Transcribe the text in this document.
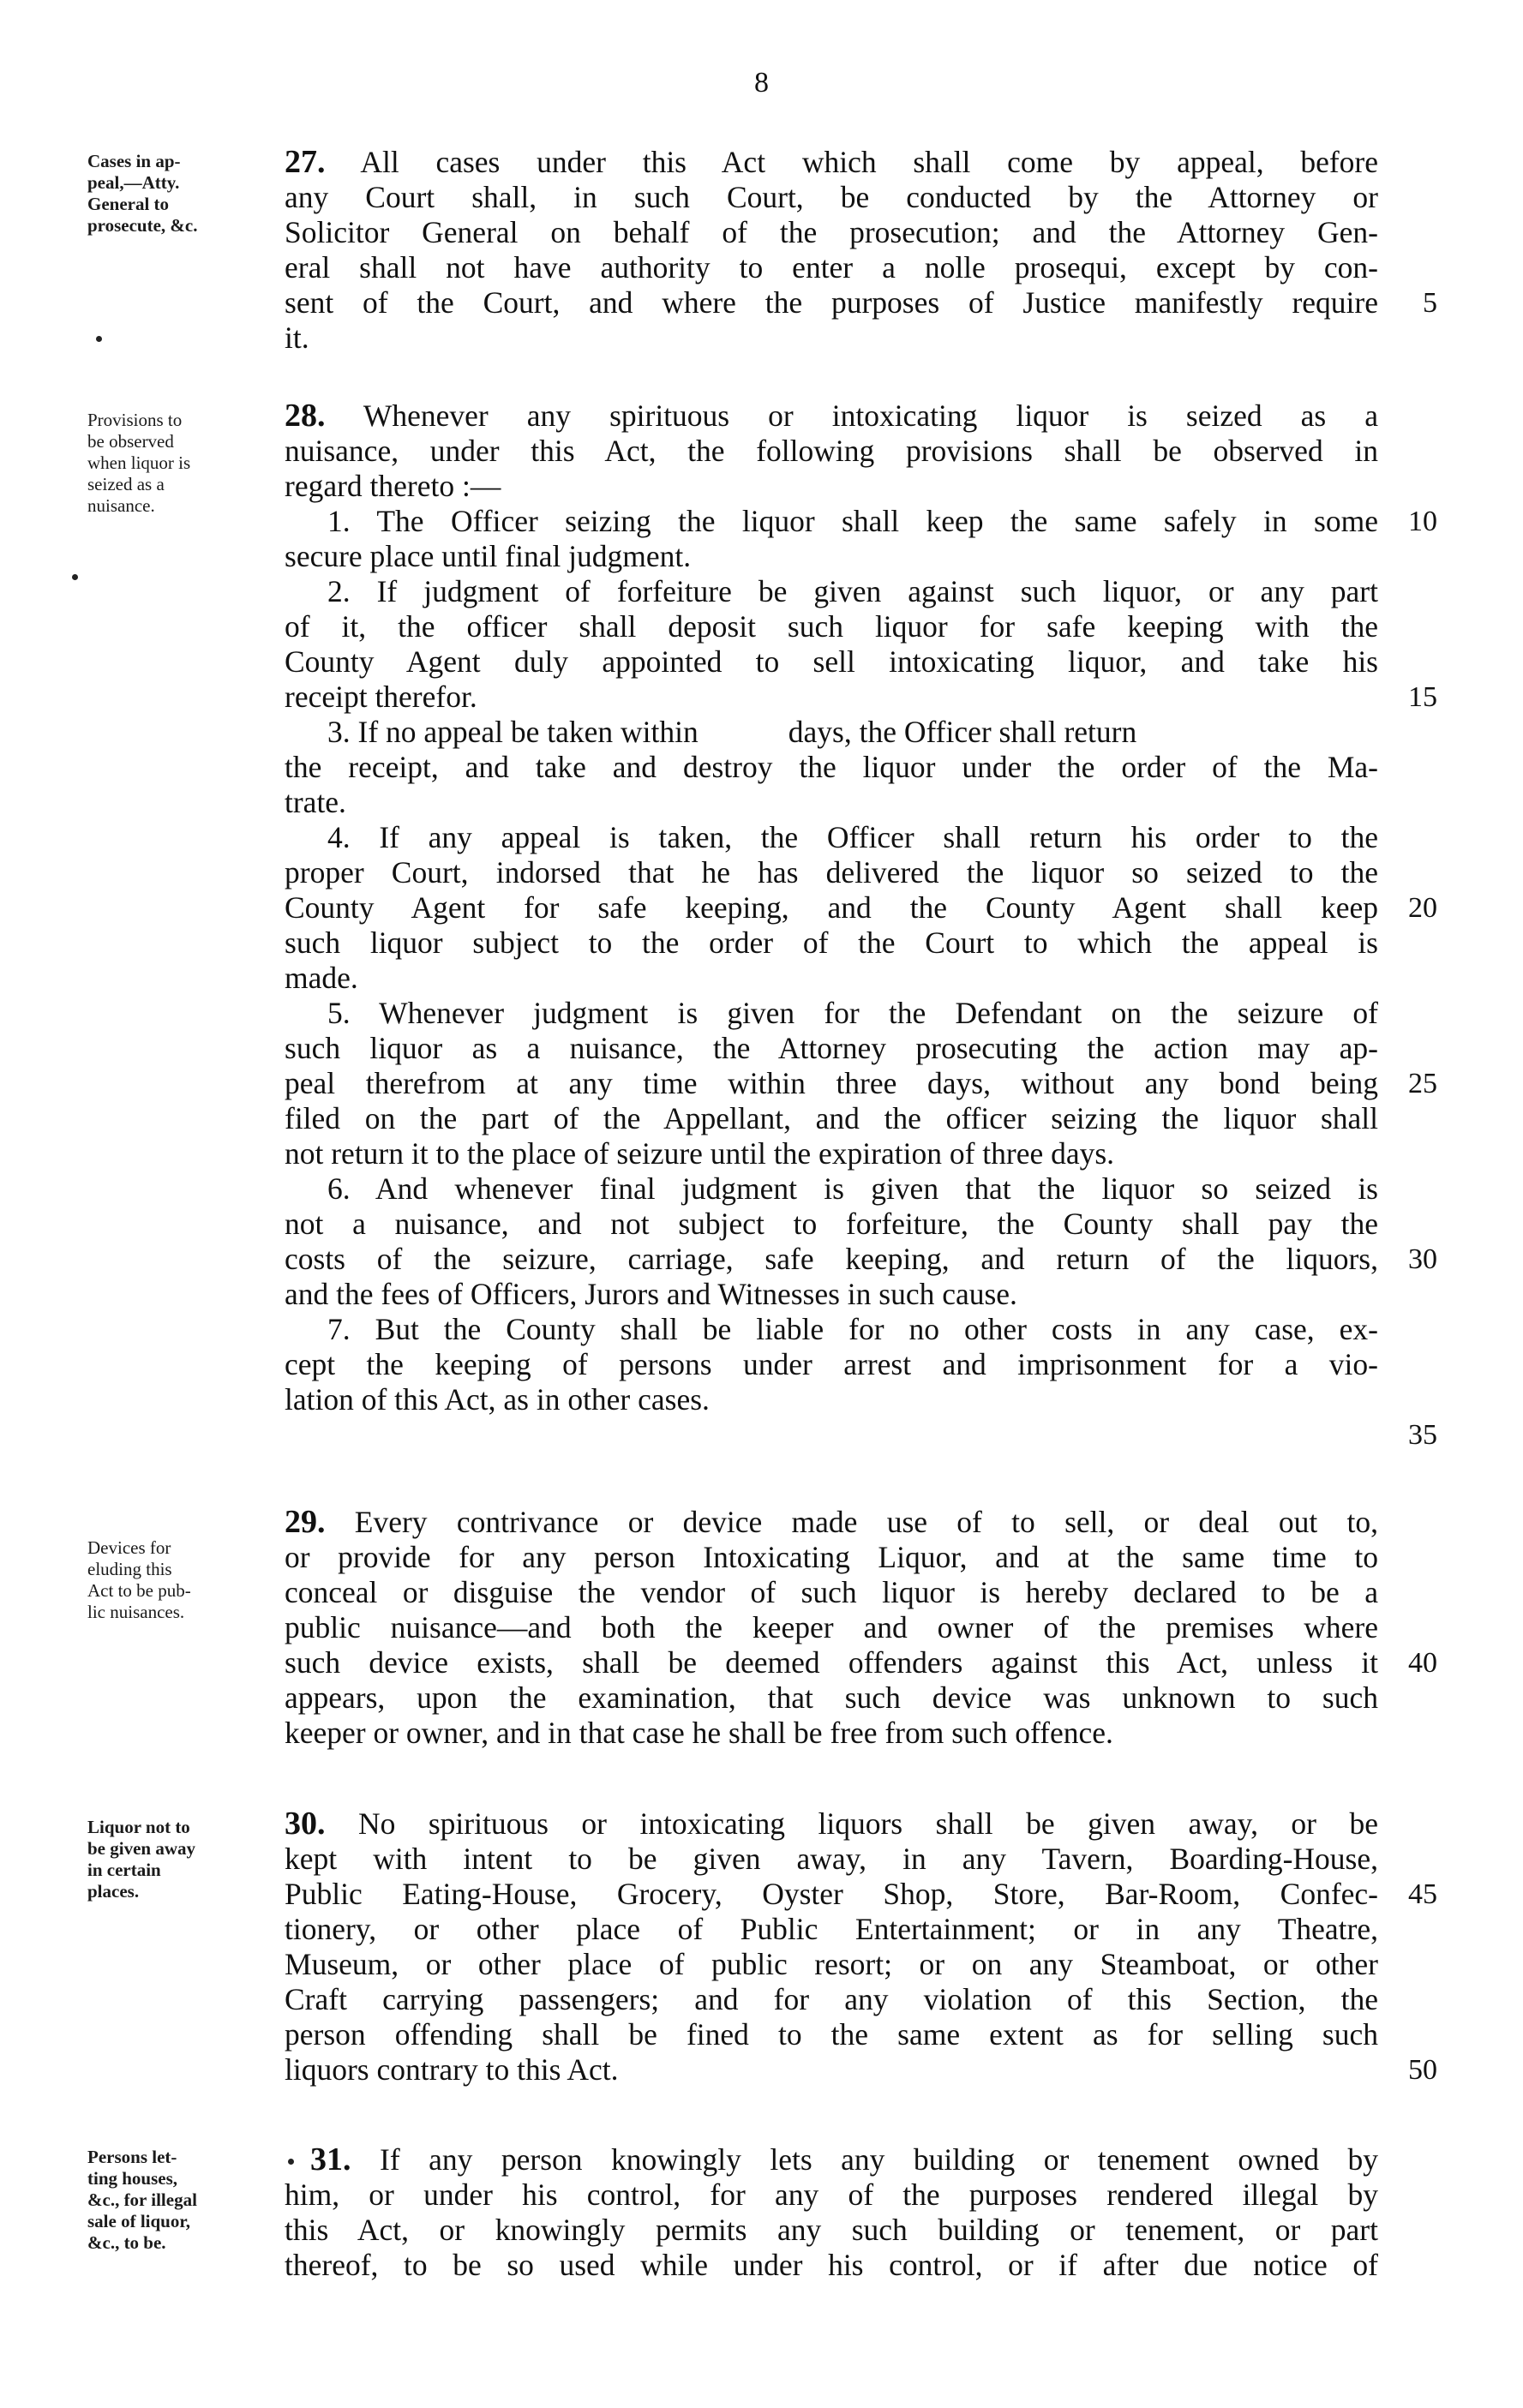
8
Cases in ap-
peal,—Atty.
General to
prosecute, &c.
27. All cases under this Act which shall come by appeal, before
any Court shall, in such Court, be conducted by the Attorney or
Solicitor General on behalf of the prosecution; and the Attorney Gen-
eral shall not have authority to enter a nolle prosequi, except by con-
sent of the Court, and where the purposes of Justice manifestly require
it.
5
Provisions to
be observed
when liquor is
seized as a
nuisance.
28. Whenever any spirituous or intoxicating liquor is seized as a
nuisance, under this Act, the following provisions shall be observed in
regard thereto :—
1. The Officer seizing the liquor shall keep the same safely in some
secure place until final judgment.
2. If judgment of forfeiture be given against such liquor, or any part
of it, the officer shall deposit such liquor for safe keeping with the
County Agent duly appointed to sell intoxicating liquor, and take his
receipt therefor.
3. If no appeal be taken within	days, the Officer shall return
the receipt, and take and destroy the liquor under the order of the Ma-
trate.
4. If any appeal is taken, the Officer shall return his order to the
proper Court, indorsed that he has delivered the liquor so seized to the
County Agent for safe keeping, and the County Agent shall keep
such liquor subject to the order of the Court to which the appeal is
made.
5. Whenever judgment is given for the Defendant on the seizure of
such liquor as a nuisance, the Attorney prosecuting the action may ap-
peal therefrom at any time within three days, without any bond being
filed on the part of the Appellant, and the officer seizing the liquor shall
not return it to the place of seizure until the expiration of three days.
6. And whenever final judgment is given that the liquor so seized is
not a nuisance, and not subject to forfeiture, the County shall pay the
costs of the seizure, carriage, safe keeping, and return of the liquors,
and the fees of Officers, Jurors and Witnesses in such cause.
7. But the County shall be liable for no other costs in any case, ex-
cept the keeping of persons under arrest and imprisonment for a vio-
lation of this Act, as in other cases.
10
15
20
25
30
35
Devices for
eluding this
Act to be pub-
lic nuisances.
29. Every contrivance or device made use of to sell, or deal out to,
or provide for any person Intoxicating Liquor, and at the same time to
conceal or disguise the vendor of such liquor is hereby declared to be a
public nuisance—and both the keeper and owner of the premises where
such device exists, shall be deemed offenders against this Act, unless it
appears, upon the examination, that such device was unknown to such
keeper or owner, and in that case he shall be free from such offence.
40
Liquor not to
be given away
in certain
places.
30. No spirituous or intoxicating liquors shall be given away, or be
kept with intent to be given away, in any Tavern, Boarding-House,
Public Eating-House, Grocery, Oyster Shop, Store, Bar-Room, Confec-
tionery, or other place of Public Entertainment; or in any Theatre,
Museum, or other place of public resort; or on any Steamboat, or other
Craft carrying passengers; and for any violation of this Section, the
person offending shall be fined to the same extent as for selling such
liquors contrary to this Act.
45
50
Persons let-
ting houses,
&c., for illegal
sale of liquor,
&c., to be.
31. If any person knowingly lets any building or tenement owned by
him, or under his control, for any of the purposes rendered illegal by
this Act, or knowingly permits any such building or tenement, or part
thereof, to be so used while under his control, or if after due notice of
